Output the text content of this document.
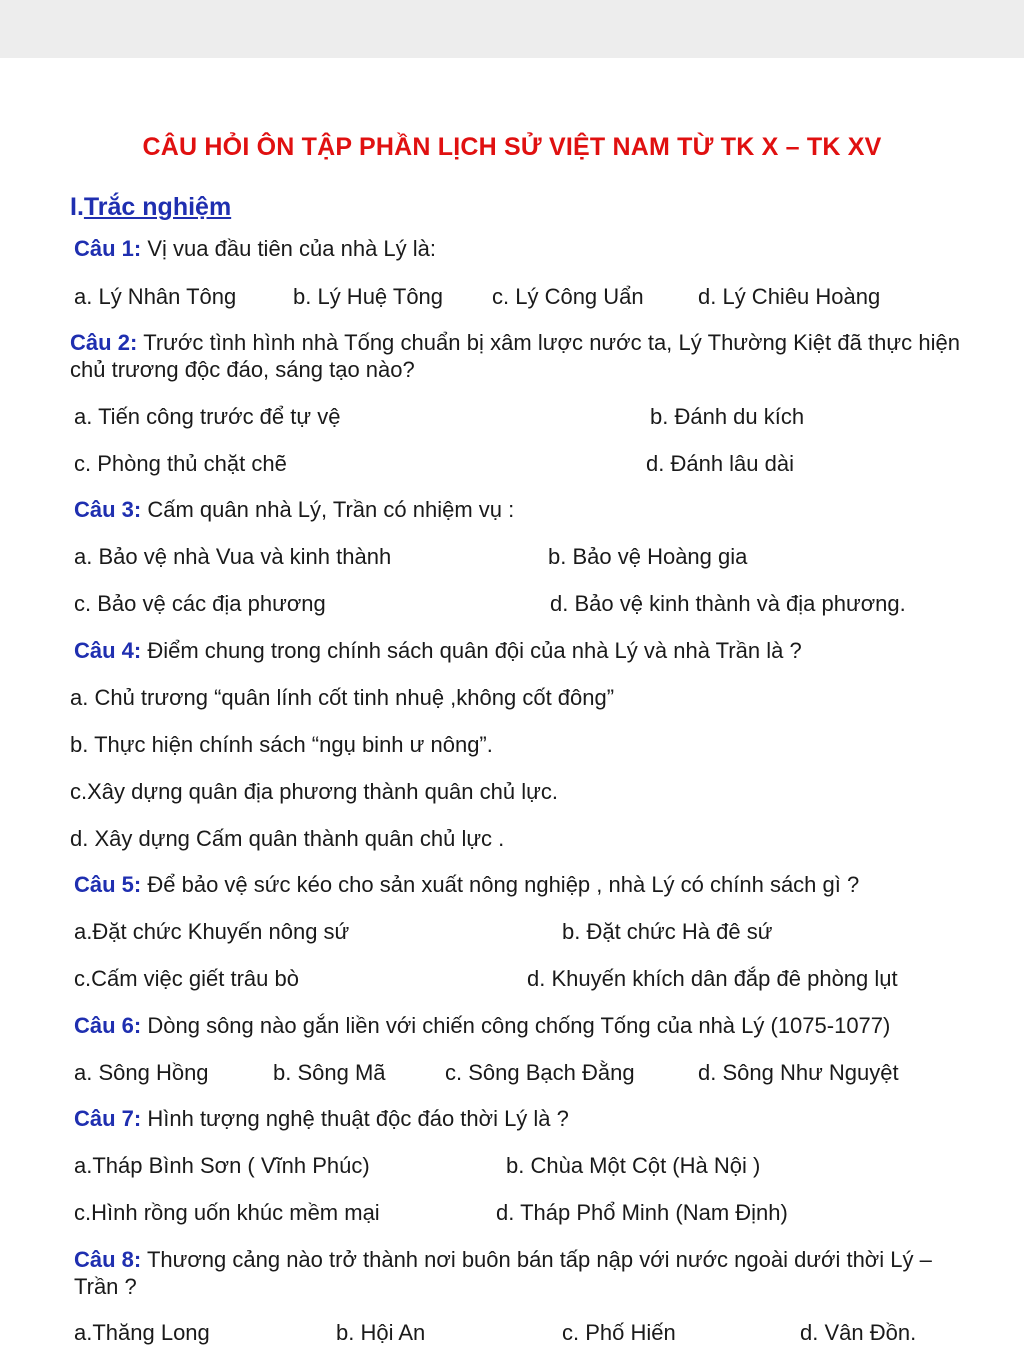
CÂU HỎI ÔN TẬP PHẦN LỊCH SỬ VIỆT NAM TỪ TK X – TK XV
I.Trắc nghiệm
Câu 1: Vị vua đầu tiên của nhà Lý là:
a. Lý Nhân Tông	b. Lý Huệ Tông c. Lý Công Uẩn d. Lý Chiêu Hoàng
Câu 2: Trước tình hình nhà Tống chuẩn bị xâm lược nước ta, Lý Thường Kiệt đã thực hiện chủ trương độc đáo, sáng tạo nào?
a. Tiến công trước để tự vệ	b. Đánh du kích
c. Phòng thủ chặt chẽ	d. Đánh lâu dài
Câu 3: Cấm quân nhà Lý, Trần có nhiệm vụ :
a. Bảo vệ nhà Vua và kinh thành	b. Bảo vệ Hoàng gia
c. Bảo vệ các địa phương	d. Bảo vệ kinh thành và địa phương.
Câu 4: Điểm chung trong chính sách quân đội của nhà Lý và nhà Trần là ?
a. Chủ trương “quân lính cốt tinh nhuệ ,không cốt đông”
b. Thực hiện chính sách “ngụ binh ư nông”.
c.Xây dựng quân địa phương thành quân chủ lực.
d. Xây dựng Cấm quân thành quân chủ lực .
Câu 5: Để bảo vệ sức kéo cho sản xuất nông nghiệp , nhà Lý có chính sách gì ?
a.Đặt chức Khuyến nông sứ	b. Đặt chức Hà đê sứ
c.Cấm việc giết trâu bò	d. Khuyến khích dân đắp đê phòng lụt
Câu 6: Dòng sông nào gắn liền với chiến công chống Tống của nhà Lý (1075-1077)
a. Sông Hồng	b. Sông Mã	c. Sông Bạch Đằng	d. Sông Như Nguyệt
Câu 7: Hình tượng nghệ thuật độc đáo thời Lý là ?
a.Tháp Bình Sơn ( Vĩnh Phúc)	b. Chùa Một Cột (Hà Nội )
c.Hình rồng uốn khúc mềm mại	d. Tháp Phổ Minh (Nam Định)
Câu 8: Thương cảng nào trở thành nơi buôn bán tấp nập với nước ngoài dưới thời Lý –Trần ?
a.Thăng Long	b. Hội An	c. Phố Hiến	d. Vân Đồn.
